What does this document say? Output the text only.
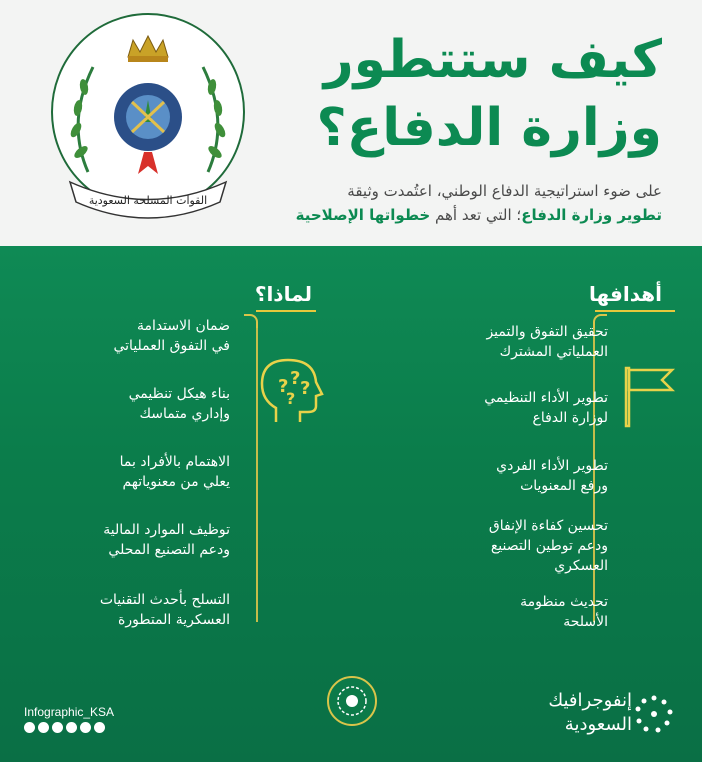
القوات المسلحة السعودية
كيف ستتطور
وزارة الدفاع؟
على ضوء استراتيجية الدفاع الوطني، اعتُمدت وثيقة
تطوير وزارة الدفاع؛ التي تعد أهم خطواتها الإصلاحية
أهدافها
لماذا؟
تحقيق التفوق والتميز
العملياتي المشترك
تطوير الأداء التنظيمي
لوزارة الدفاع
تطوير الأداء الفردي
ورفع المعنويات
تحسين كفاءة الإنفاق
ودعم توطين التصنيع
العسكري
تحديث منظومة
الأسلحة
ضمان الاستدامة
في التفوق العملياتي
بناء هيكل تنظيمي
وإداري متماسك
الاهتمام بالأفراد بما
يعلي من معنوياتهم
توظيف الموارد المالية
ودعم التصنيع المحلي
التسلح بأحدث التقنيات
العسكرية المتطورة
? ? ?
?
Infographic_KSA
إنفوجرافيك
السعودية
